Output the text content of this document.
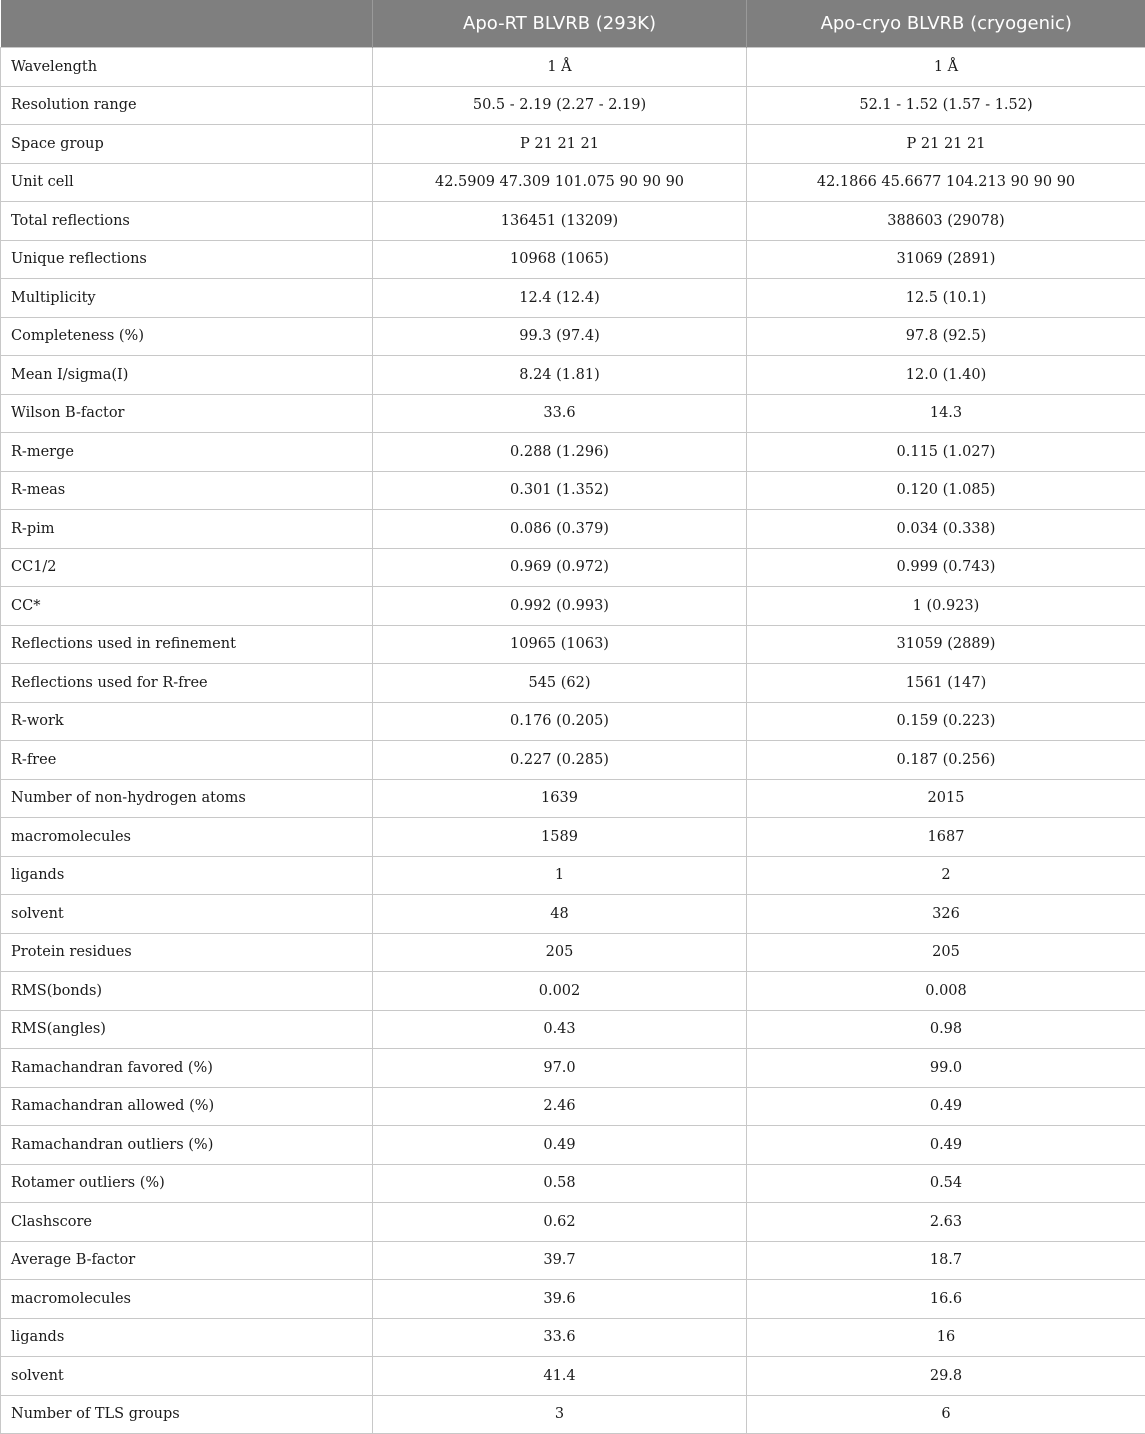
	Apo-RT BLVRB (293K)	Apo-cryo BLVRB (cryogenic)
Wavelength	1 Å	1 Å
Resolution range	50.5 - 2.19 (2.27 - 2.19)	52.1 - 1.52 (1.57 - 1.52)
Space group	P 21 21 21	P 21 21 21
Unit cell	42.5909 47.309 101.075 90 90 90	42.1866 45.6677 104.213 90 90 90
Total reflections	136451 (13209)	388603 (29078)
Unique reflections	10968 (1065)	31069 (2891)
Multiplicity	12.4 (12.4)	12.5 (10.1)
Completeness (%)	99.3 (97.4)	97.8 (92.5)
Mean I/sigma(I)	8.24 (1.81)	12.0 (1.40)
Wilson B-factor	33.6	14.3
R-merge	0.288 (1.296)	0.115 (1.027)
R-meas	0.301 (1.352)	0.120 (1.085)
R-pim	0.086 (0.379)	0.034 (0.338)
CC1/2	0.969 (0.972)	0.999 (0.743)
CC*	0.992 (0.993)	1 (0.923)
Reflections used in refinement	10965 (1063)	31059 (2889)
Reflections used for R-free	545 (62)	1561 (147)
R-work	0.176 (0.205)	0.159 (0.223)
R-free	0.227 (0.285)	0.187 (0.256)
Number of non-hydrogen atoms	1639	2015
macromolecules	1589	1687
ligands	1	2
solvent	48	326
Protein residues	205	205
RMS(bonds)	0.002	0.008
RMS(angles)	0.43	0.98
Ramachandran favored (%)	97.0	99.0
Ramachandran allowed (%)	2.46	0.49
Ramachandran outliers (%)	0.49	0.49
Rotamer outliers (%)	0.58	0.54
Clashscore	0.62	2.63
Average B-factor	39.7	18.7
macromolecules	39.6	16.6
ligands	33.6	16
solvent	41.4	29.8
Number of TLS groups	3	6
